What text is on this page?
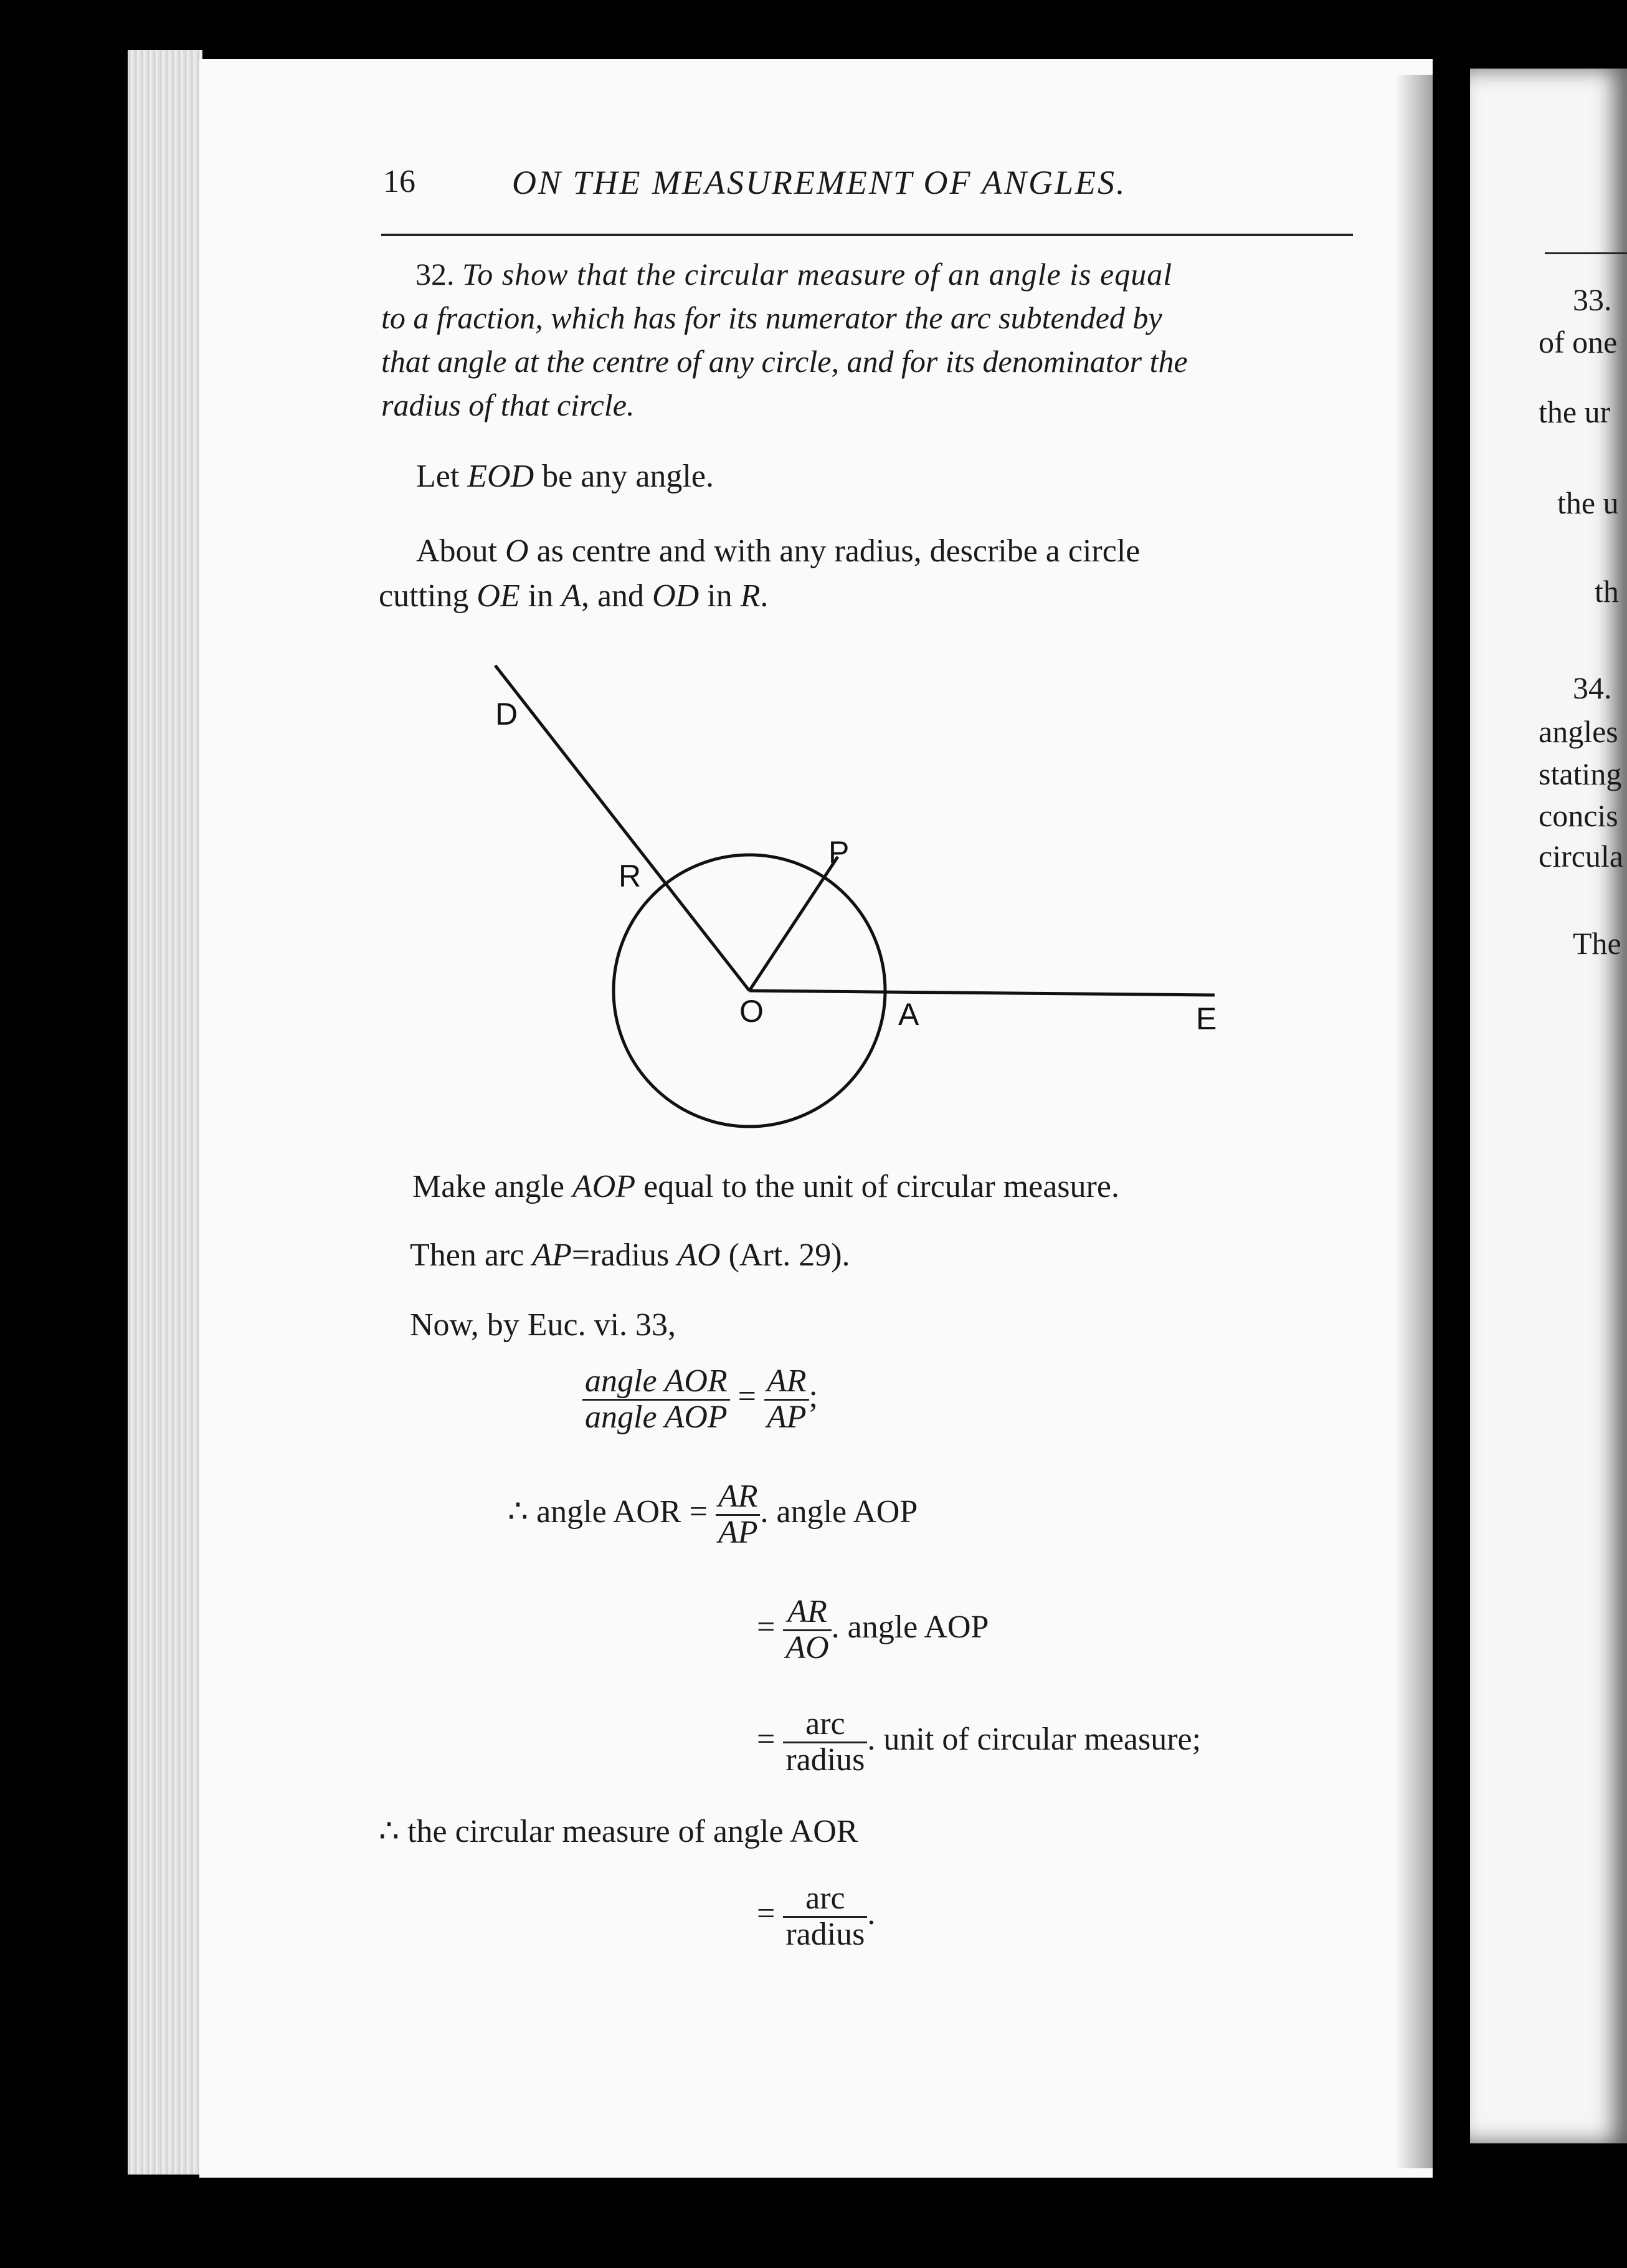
16	ON THE MEASUREMENT OF ANGLES.
32. To show that the circular measure of an angle is equal
to a fraction, which has for its numerator the arc subtended by
that angle at the centre of any circle, and for its denominator the
radius of that circle.
Let EOD be any angle.
About O as centre and with any radius, describe a circle
cutting OE in A, and OD in R.
D
R
P
O	A	E
Make angle AOP equal to the unit of circular measure.
Then arc AP=radius AO (Art. 29).
Now, by Euc. vi. 33,
$\frac{\text{angle AOR}}{\text{angle AOP}} = \frac{AR}{AP}$ ;
∴ angle AOR = $\frac{AR}{AP}$ . angle AOP
= $\frac{AR}{AO}$ . angle AOP
= $\frac{\text{arc}}{\text{radius}}$ . unit of circular measure;
∴ the circular measure of angle AOR
= $\frac{\text{arc}}{\text{radius}}$ .
33.
of one
the ur
the u
th
34.
angles
stating
concis
circula
The
